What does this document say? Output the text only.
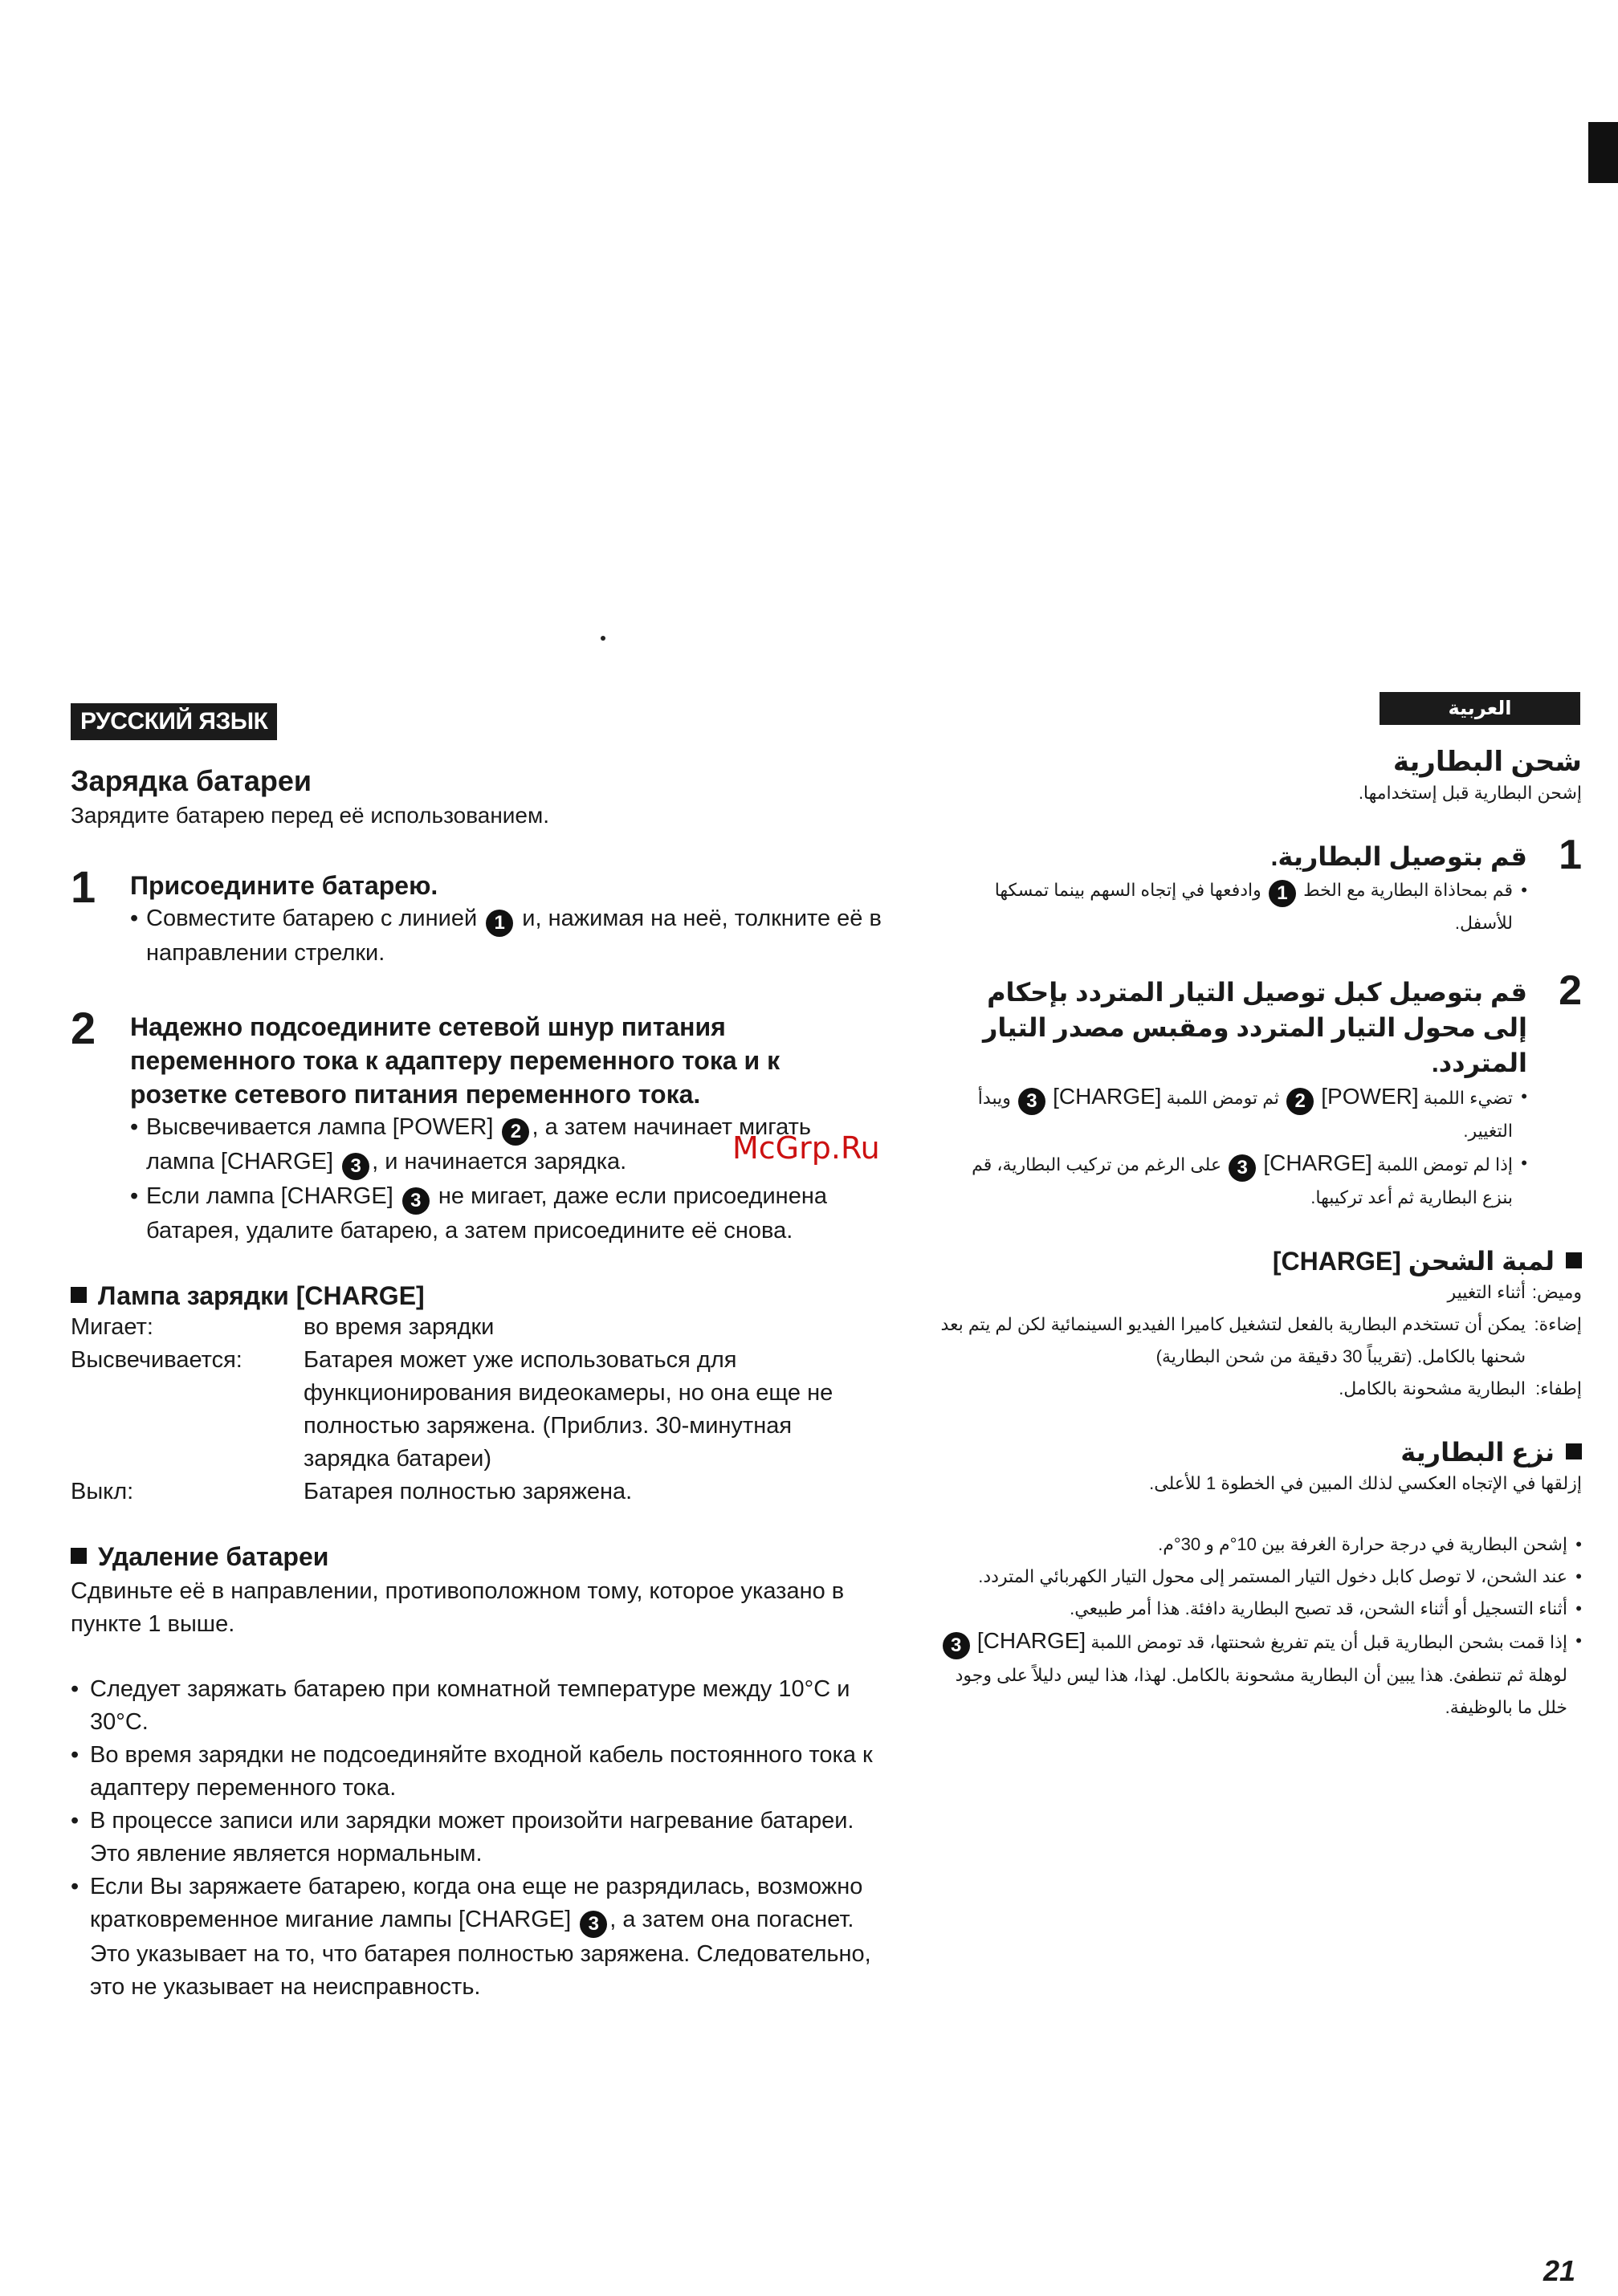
РУССКИЙ ЯЗЫК
Зарядка батареи
Зарядите батарею перед её использованием.
1 Присоедините батарею.
• Совместите батарею с линией 1 и, нажимая на неё, толкните её в направлении стрелки.
2 Надежно подсоедините сетевой шнур питания переменного тока к адаптеру переменного тока и к розетке сетевого питания переменного тока.
• Высвечивается лампа [POWER] 2 , а затем начинает мигать лампа [CHARGE] 3 , и начинается зарядка.
• Если лампа [CHARGE] 3 не мигает, даже если присоединена батарея, удалите батарею, а затем присоедините её снова.
Лампа зарядки [CHARGE]
Мигает:	во время зарядки
Высвечивается:	Батарея может уже использоваться для функционирования видеокамеры, но она еще не полностью заряжена. (Приблиз. 30-минутная зарядка батареи)
Выкл:	Батарея полностью заряжена.
Удаление батареи
Сдвиньте её в направлении, противоположном тому, которое указано в пункте 1 выше.
• Следует заряжать батарею при комнатной температуре между 10°C и 30°C.
• Во время зарядки не подсоединяйте входной кабель постоянного тока к адаптеру переменного тока.
• В процессе записи или зарядки может произойти нагревание батареи. Это явление является нормальным.
• Если Вы заряжаете батарею, когда она еще не разрядилась, возможно кратковременное мигание лампы [CHARGE] 3 , а затем она погаснет. Это указывает на то, что батарея полностью заряжена. Следовательно, это не указывает на неисправность.
العربية
شحن البطارية
إشحن البطارية قبل إستخدامها.
1
قم بتوصيل البطارية.
• قم بمحاذاة البطارية مع الخط 1 وادفعها في إتجاه السهم بينما تمسكها للأسفل.
2
قم بتوصيل كبل توصيل التيار المتردد بإحكام إلى محول التيار المتردد ومقبس مصدر التيار المتردد.
• تضيء اللمبة [POWER] 2 ثم تومض اللمبة [CHARGE] 3 ويبدأ التغيير.
• إذا لم تومض اللمبة [CHARGE] 3 على الرغم من تركيب البطارية، قم بنزع البطارية ثم أعد تركيبها.
لمبة الشحن [CHARGE]
وميض:
أثناء التغيير
إضاءة:
يمكن أن تستخدم البطارية بالفعل لتشغيل كاميرا الفيديو السينمائية لكن لم يتم بعد شحنها بالكامل. (تقريباً 30 دقيقة من شحن البطارية)
إطفاء:
البطارية مشحونة بالكامل.
نزع البطارية
إزلقها في الإتجاه العكسي لذلك المبين في الخطوة 1 للأعلى.
• إشحن البطارية في درجة حرارة الغرفة بين 10°م و 30°م.
• عند الشحن، لا توصل كابل دخول التيار المستمر إلى محول التيار الكهربائي المتردد.
• أثناء التسجيل أو أثناء الشحن، قد تصبح البطارية دافئة. هذا أمر طبيعي.
• إذا قمت بشحن البطارية قبل أن يتم تفريغ شحنتها، قد تومض اللمبة [CHARGE] 3 لوهلة ثم تنطفئ. هذا يبين أن البطارية مشحونة بالكامل. لهذا، هذا ليس دليلاً على وجود خلل ما بالوظيفة.
McGrp.Ru
21
